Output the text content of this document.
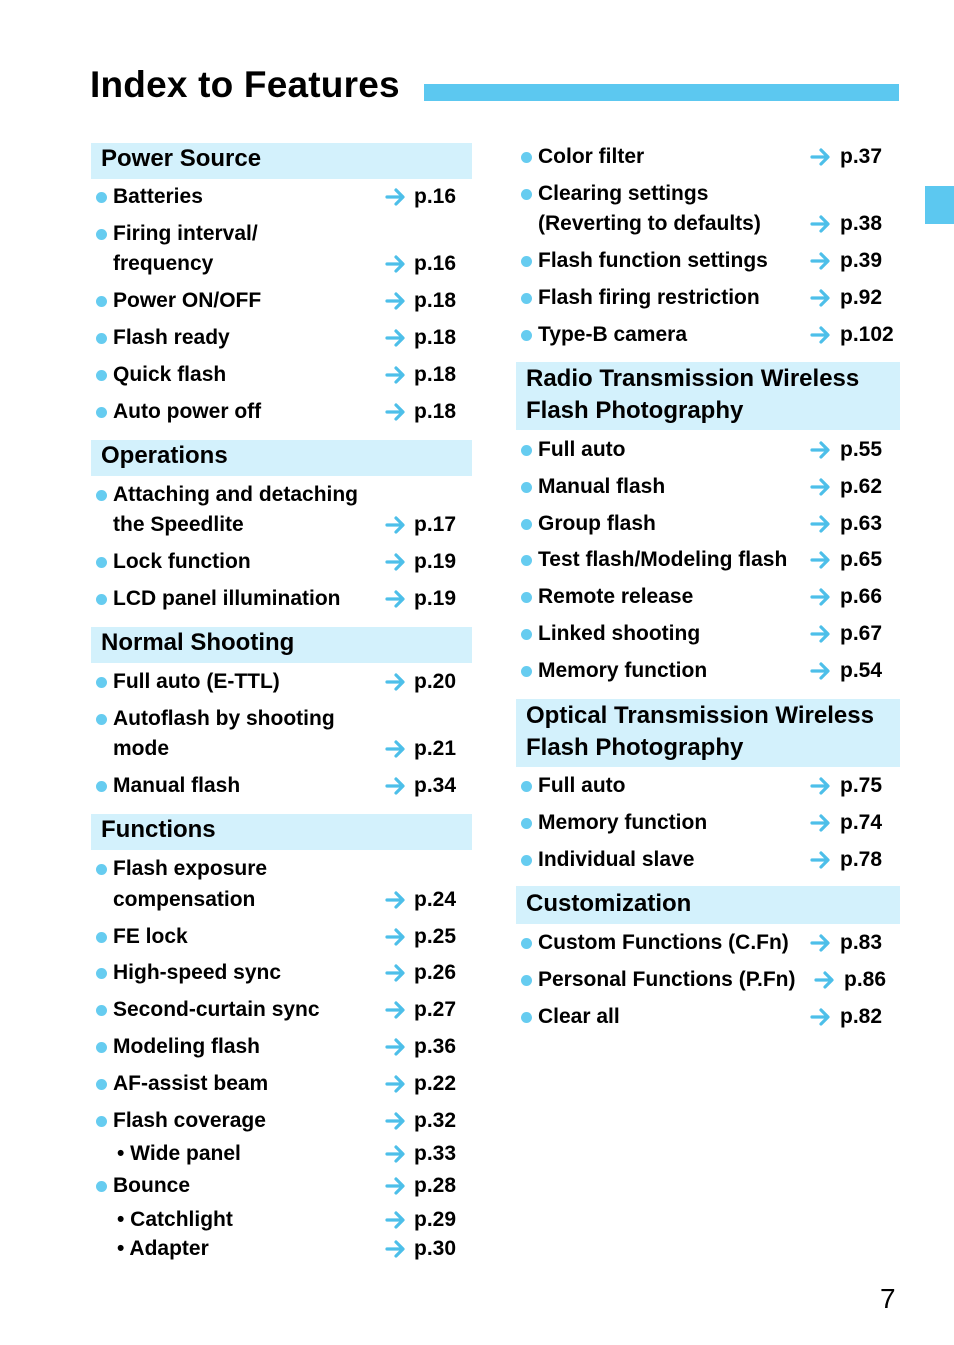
Index to Features
Power Source
Batteries	p.16
Firing interval/
frequency	p.16
Power ON/OFF	p.18
Flash ready	p.18
Quick flash	p.18
Auto power off	p.18
Operations
Attaching and detaching
the Speedlite	p.17
Lock function	p.19
LCD panel illumination	p.19
Normal Shooting
Full auto (E-TTL)	p.20
Autoflash by shooting
mode	p.21
Manual flash	p.34
Functions
Flash exposure
compensation	p.24
FE lock	p.25
High-speed sync	p.26
Second-curtain sync	p.27
Modeling flash	p.36
AF-assist beam	p.22
Flash coverage	p.32
• Wide panel	p.33
Bounce	p.28
• Catchlight	p.29
• Adapter	p.30
Color filter	p.37
Clearing settings
(Reverting to defaults)	p.38
Flash function settings	p.39
Flash firing restriction	p.92
Type-B camera	p.102
Radio Transmission Wireless
Flash Photography
Full auto	p.55
Manual flash	p.62
Group flash	p.63
Test flash/Modeling flash	p.65
Remote release	p.66
Linked shooting	p.67
Memory function	p.54
Optical Transmission Wireless
Flash Photography
Full auto	p.75
Memory function	p.74
Individual slave	p.78
Customization
Custom Functions (C.Fn) p.83
Personal Functions (P.Fn) p.86
Clear all	p.82
7
